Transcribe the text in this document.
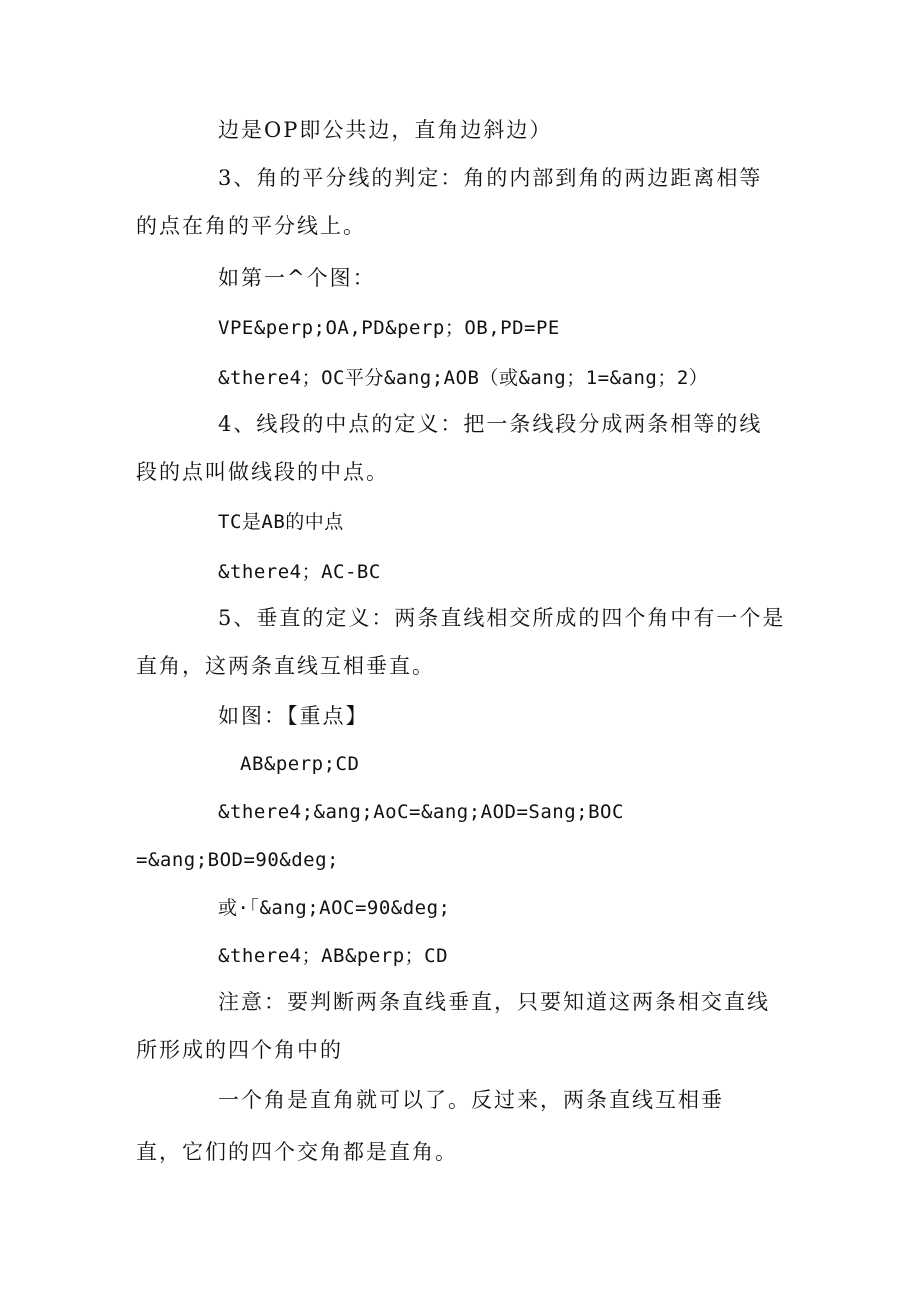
边是OP即公共边，直角边斜边）
3、角的平分线的判定：角的内部到角的两边距离相等
的点在角的平分线上。
如第一^个图：
VPE&perp;OA,PD&perp；OB,PD=PE
&there4；OC平分&ang;AOB（或&ang；1=&ang；2）
4、线段的中点的定义：把一条线段分成两条相等的线
段的点叫做线段的中点。
TC是AB的中点
&there4；AC-BC
5、垂直的定义：两条直线相交所成的四个角中有一个是
直角，这两条直线互相垂直。
如图：【重点】
AB&perp;CD
&there4;&ang;AoC=&ang;AOD=Sang;BOC
=&ang;BOD=90&deg;
或·「&ang;AOC=90&deg;
&there4；AB&perp；CD
注意：要判断两条直线垂直，只要知道这两条相交直线
所形成的四个角中的
一个角是直角就可以了。反过来，两条直线互相垂
直，它们的四个交角都是直角。
